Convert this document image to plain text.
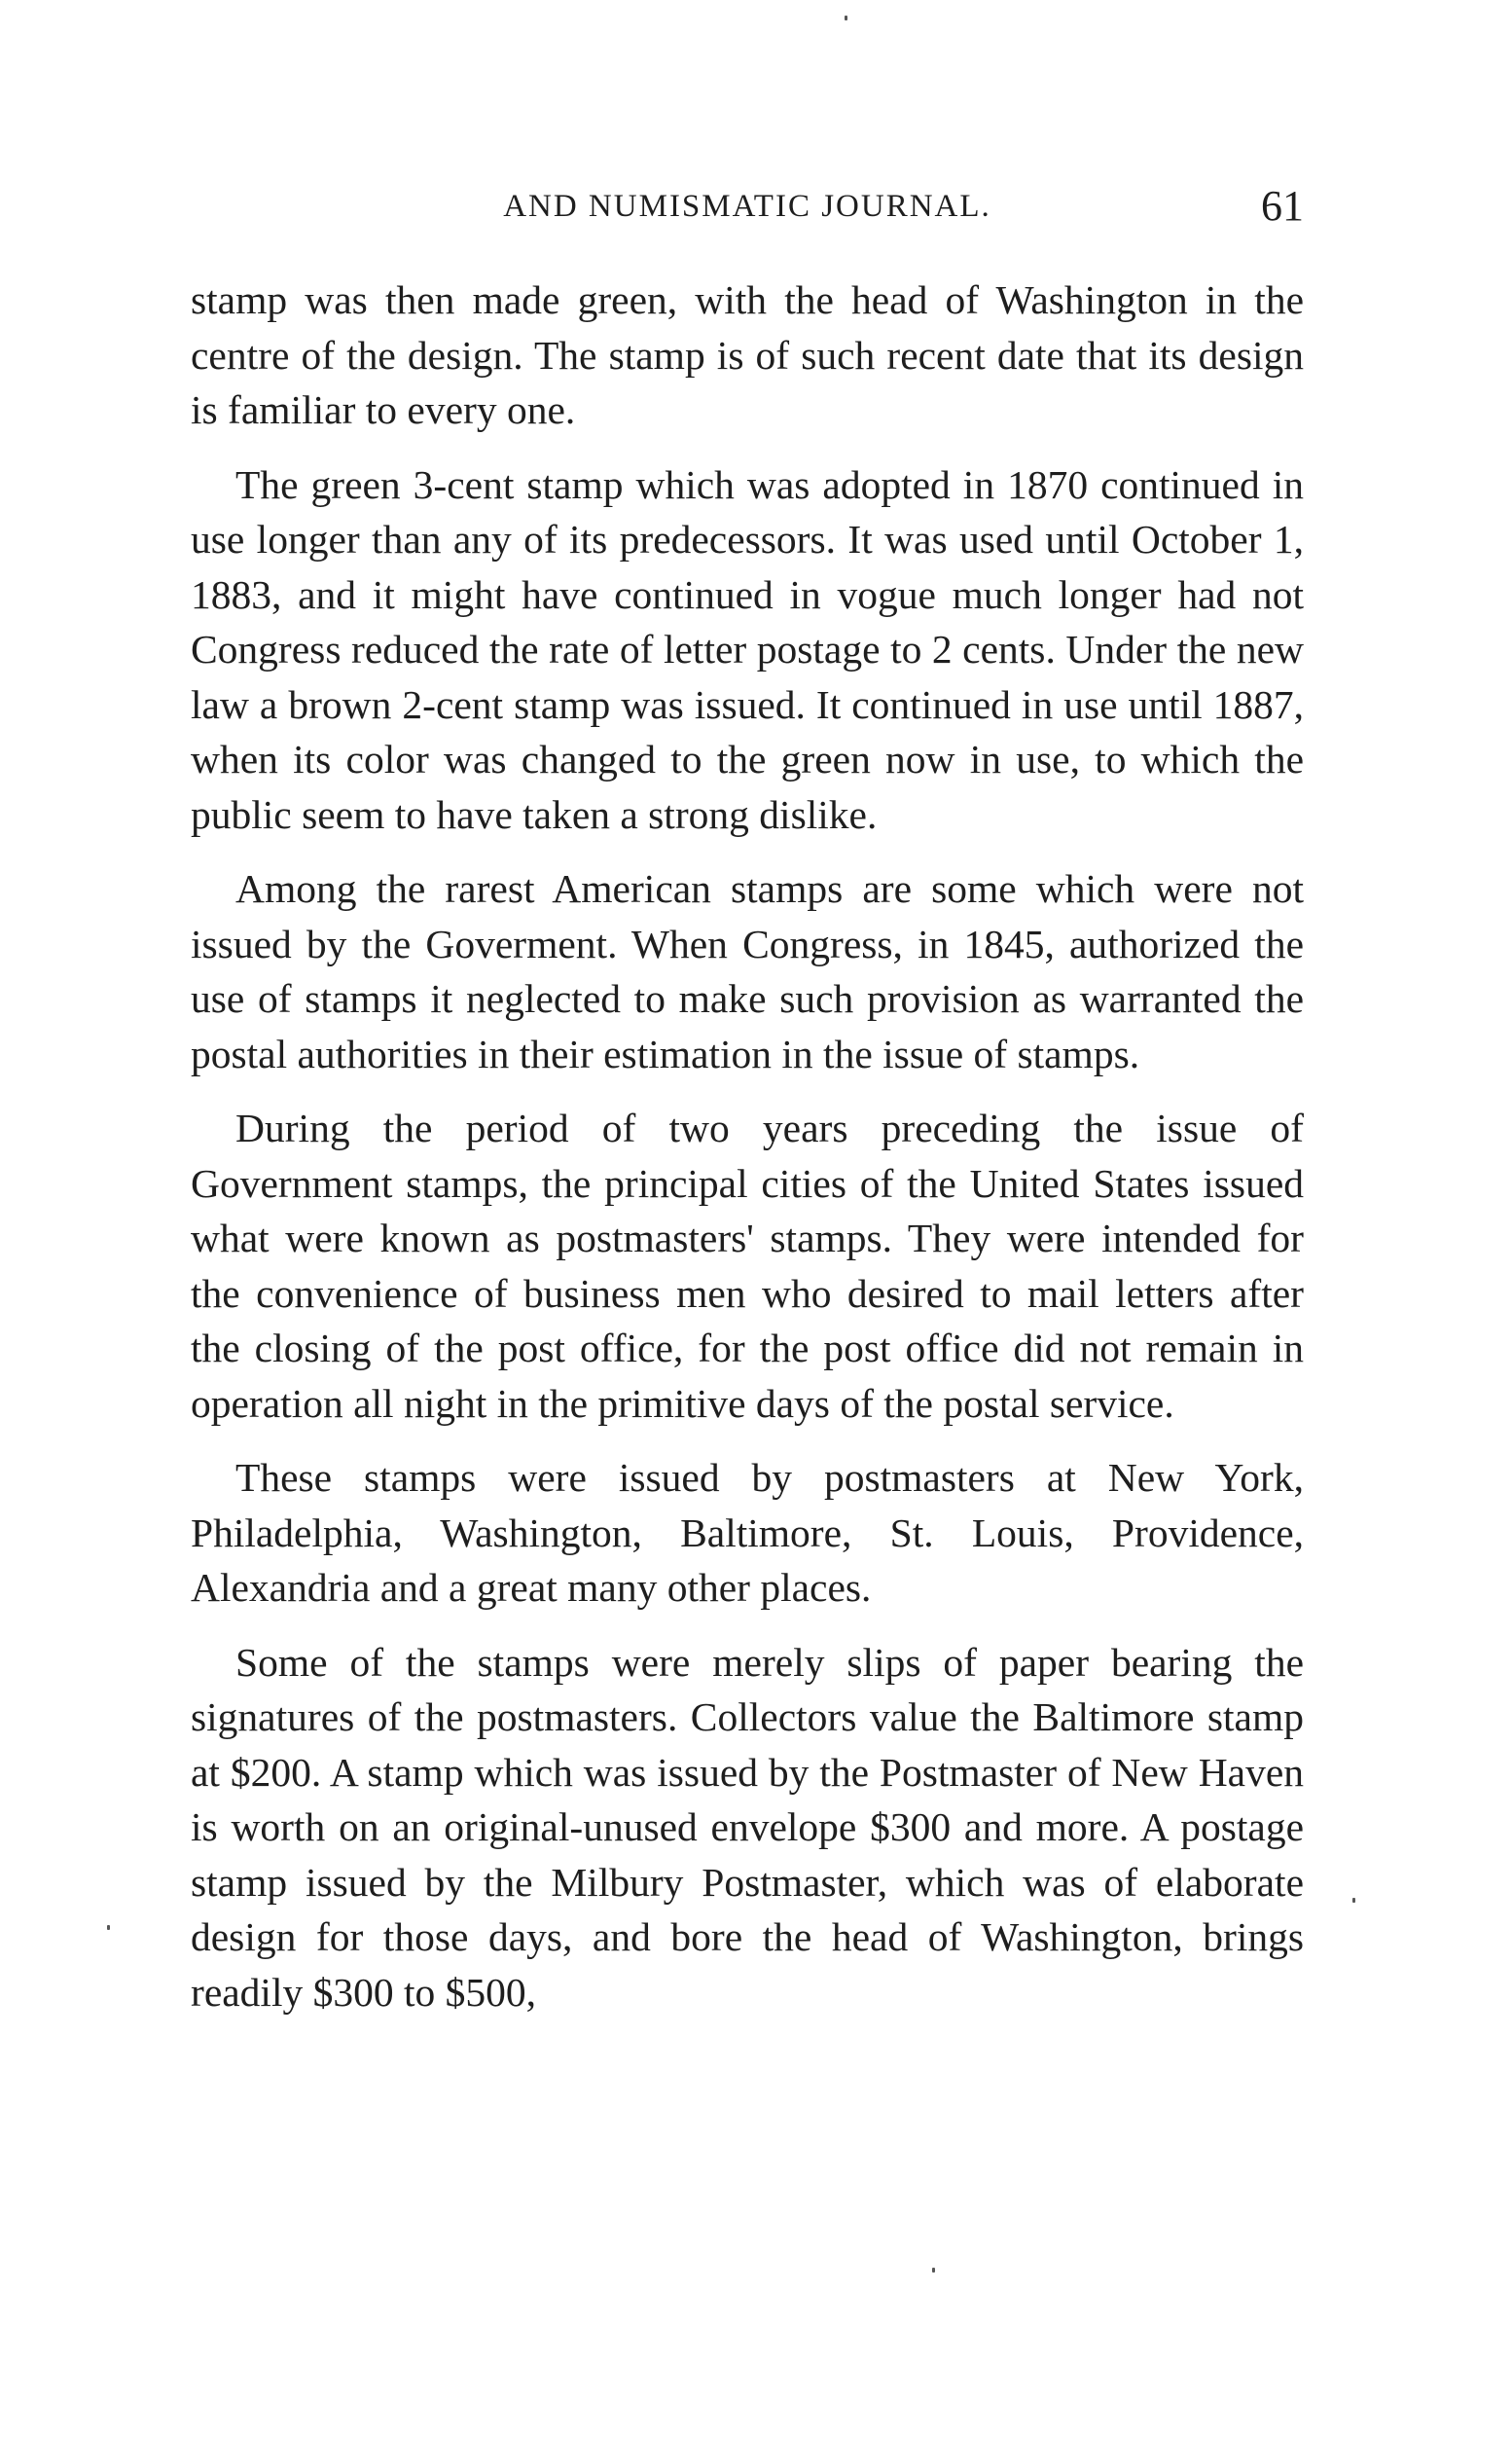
AND NUMISMATIC JOURNAL.	61

stamp was then made green, with the head of Washington in the centre of the design. The stamp is of such recent date that its design is familiar to every one.

The green 3-cent stamp which was adopted in 1870 continued in use longer than any of its predecessors. It was used until October 1, 1883, and it might have continued in vogue much longer had not Congress reduced the rate of letter postage to 2 cents. Under the new law a brown 2-cent stamp was issued. It continued in use until 1887, when its color was changed to the green now in use, to which the public seem to have taken a strong dislike.

Among the rarest American stamps are some which were not issued by the Goverment. When Congress, in 1845, authorized the use of stamps it neglected to make such provision as warranted the postal authorities in their estimation in the issue of stamps.

During the period of two years preceding the issue of Government stamps, the principal cities of the United States issued what were known as postmasters' stamps. They were intended for the convenience of business men who desired to mail letters after the closing of the post office, for the post office did not remain in operation all night in the primitive days of the postal service.

These stamps were issued by postmasters at New York, Philadelphia, Washington, Baltimore, St. Louis, Providence, Alexandria and a great many other places.

Some of the stamps were merely slips of paper bearing the signatures of the postmasters. Collectors value the Baltimore stamp at $200. A stamp which was issued by the Postmaster of New Haven is worth on an original-unused envelope $300 and more. A postage stamp issued by the Milbury Postmaster, which was of elaborate design for those days, and bore the head of Washington, brings readily $300 to $500,
